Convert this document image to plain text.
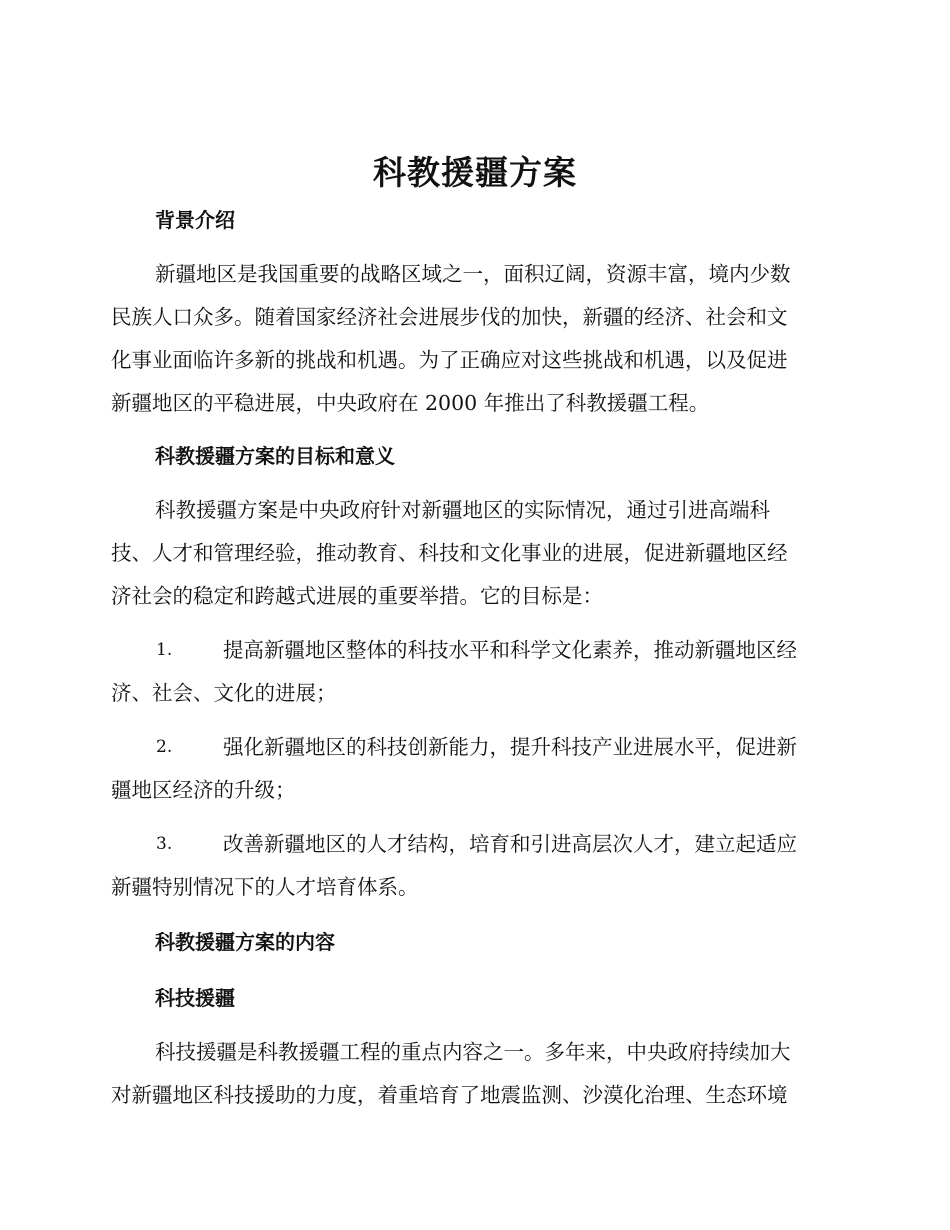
科教援疆方案
背景介绍
新疆地区是我国重要的战略区域之一，面积辽阔，资源丰富，境内少数
民族人口众多。随着国家经济社会进展步伐的加快，新疆的经济、社会和文
化事业面临许多新的挑战和机遇。为了正确应对这些挑战和机遇，以及促进
新疆地区的平稳进展，中央政府在 2000 年推出了科教援疆工程。
科教援疆方案的目标和意义
科教援疆方案是中央政府针对新疆地区的实际情况，通过引进高端科
技、人才和管理经验，推动教育、科技和文化事业的进展，促进新疆地区经
济社会的稳定和跨越式进展的重要举措。它的目标是：
1.	提高新疆地区整体的科技水平和科学文化素养，推动新疆地区经
济、社会、文化的进展；
2.	强化新疆地区的科技创新能力，提升科技产业进展水平，促进新
疆地区经济的升级；
3.	改善新疆地区的人才结构，培育和引进高层次人才，建立起适应
新疆特别情况下的人才培育体系。
科教援疆方案的内容
科技援疆
科技援疆是科教援疆工程的重点内容之一。多年来，中央政府持续加大
对新疆地区科技援助的力度，着重培育了地震监测、沙漠化治理、生态环境
